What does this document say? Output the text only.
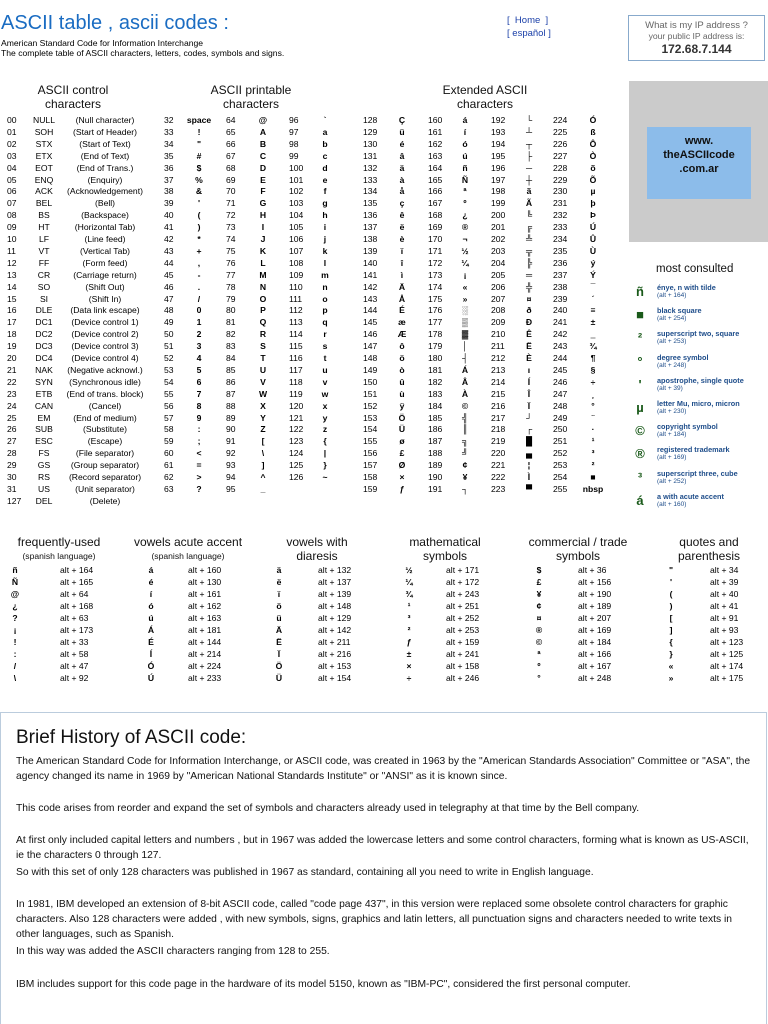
ASCII table , ascii codes :
American Standard Code for Information Interchange
The complete table of ASCII characters, letters, codes, symbols and signs.
[  Home  ]
[ español ]
What is my IP address ?
your public IP address is:
172.68.7.144
ASCII control
characters
ASCII printable
characters
Extended ASCII
characters
00	NULL	(Null character)
01	SOH	(Start of Header)
02	STX	(Start of Text)
03	ETX	(End of Text)
04	EOT	(End of Trans.)
05	ENQ	(Enquiry)
06	ACK	(Acknowledgement)
07	BEL	(Bell)
08	BS	(Backspace)
09	HT	(Horizontal Tab)
10	LF	(Line feed)
11	VT	(Vertical Tab)
12	FF	(Form feed)
13	CR	(Carriage return)
14	SO	(Shift Out)
15	SI	(Shift In)
16	DLE	(Data link escape)
17	DC1	(Device control 1)
18	DC2	(Device control 2)
19	DC3	(Device control 3)
20	DC4	(Device control 4)
21	NAK	(Negative acknowl.)
22	SYN	(Synchronous idle)
23	ETB	(End of trans. block)
24	CAN	(Cancel)
25	EM	(End of medium)
26	SUB	(Substitute)
27	ESC	(Escape)
28	FS	(File separator)
29	GS	(Group separator)
30	RS	(Record separator)
31	US	(Unit separator)
127	DEL	(Delete)
32 space
33	!
34	"
35	#
36	$
37	%
38	&
39	'
40	(
41	)
42	*
43	+
44	,
45	-
46	.
47	/
48	0
49	1
50	2
51	3
52	4
53	5
54	6
55	7
56	8
57	9
58	:
59	;
60	<
61	=
62	>
63	?
64	@
65	A
66	B
67	C
68	D
69	E
70	F
71	G
72	H
73	I
74	J
75	K
76	L
77	M
78	N
79	O
80	P
81	Q
82	R
83	S
84	T
85	U
86	V
87	W
88	X
89	Y
90	Z
91	[
92	\
93	]
94	^
95	_
96	`
97	a
98	b
99	c
100	d
101	e
102	f
103	g
104	h
105	i
106	j
107	k
108	l
109	m
110	n
111	o
112	p
113	q
114	r
115	s
116	t
117	u
118	v
119	w
120	x
121	y
122	z
123	{
124	|
125	}
126	~
128	Ç
129	ü
130	é
131	â
132	ä
133	à
134	å
135	ç
136	ê
137	ë
138	è
139	ï
140	î
141	ì
142	Ä
143	Å
144	É
145	æ
146	Æ
147	ô
148	ö
149	ò
150	û
151	ù
152	ÿ
153	Ö
154	Ü
155	ø
156	£
157	Ø
158	×
159	ƒ
160	á
161	í
162	ó
163	ú
164	ñ
165	Ñ
166	ª
167	º
168	¿
169	®
170	¬
171	½
172	¼
173	¡
174	«
175	»
176	░
177	▒
178	▓
179	│
180	┤
181	Á
182	Â
183	À
184	©
185	╣
186	║
187	╗
188	╝
189	¢
190	¥
191	┐
192	└
193	┴
194	┬
195	├
196	─
197	┼
198	ã
199	Ã
200	╚
201	╔
202	╩
203	╦
204	╠
205	═
206	╬
207	¤
208	ð
209	Ð
210	Ê
211	Ë
212	È
213	ı
214	Í
215	Î
216	Ï
217	┘
218	┌
219	█
220	▄
221	¦
222	Ì
223	▀
224	Ó
225	ß
226	Ô
227	Ò
228	õ
229	Õ
230	µ
231	þ
232	Þ
233	Ú
234	Û
235	Ù
236	ý
237	Ý
238	¯
239	´
240	≡
241	±
242	‗
243	¾
244	¶
245	§
246	÷
247	¸
248	°
249	¨
250	·
251	¹
252	³
253	²
254	■
255	nbsp
www.
theASCIIcode
.com.ar
most consulted
ñ	énye, n with tilde
(alt + 164)
■	black square
(alt + 254)
²	superscript two, square
(alt + 253)
°	degree symbol
(alt + 248)
'	apostrophe, single quote
(alt + 39)
µ	letter Mu, micro, micron
(alt + 230)
©	copyright symbol
(alt + 184)
®	registered trademark
(alt + 169)
³	superscript three, cube
(alt + 252)
á	a with acute accent
(alt + 160)
frequently-used
(spanish language)
ñ	alt + 164
Ñ	alt + 165
@	alt + 64
¿	alt + 168
?	alt + 63
¡	alt + 173
!	alt + 33
:	alt + 58
/	alt + 47
\	alt + 92
vowels acute accent
(spanish language)
á	alt + 160
é	alt + 130
í	alt + 161
ó	alt + 162
ú	alt + 163
Á	alt + 181
É	alt + 144
Í	alt + 214
Ó	alt + 224
Ú	alt + 233
vowels with
diaresis
ä	alt + 132
ë	alt + 137
ï	alt + 139
ö	alt + 148
ü	alt + 129
Ä	alt + 142
Ë	alt + 211
Ï	alt + 216
Ö	alt + 153
Ü	alt + 154
mathematical
symbols
½	alt + 171
¼	alt + 172
¾	alt + 243
¹	alt + 251
³	alt + 252
²	alt + 253
ƒ	alt + 159
±	alt + 241
×	alt + 158
÷	alt + 246
commercial / trade
symbols
$	alt + 36
£	alt + 156
¥	alt + 190
¢	alt + 189
¤	alt + 207
®	alt + 169
©	alt + 184
ª	alt + 166
º	alt + 167
°	alt + 248
quotes and
parenthesis
"	alt + 34
'	alt + 39
(	alt + 40
)	alt + 41
[	alt + 91
]	alt + 93
{	alt + 123
}	alt + 125
«	alt + 174
»	alt + 175
Brief History of ASCII code:
The American Standard Code for Information Interchange, or ASCII code, was created in 1963 by the "American Standards Association" Committee or "ASA", the agency changed its name in 1969 by "American National Standards Institute" or "ANSI" as it is known since.
This code arises from reorder and expand the set of symbols and characters already used in telegraphy at that time by the Bell company.
At first only included capital letters and numbers , but in 1967 was added the lowercase letters and some control characters, forming what is known as US-ASCII, ie the characters 0 through 127.
So with this set of only 128 characters was published in 1967 as standard, containing all you need to write in English language.
In 1981, IBM developed an extension of 8-bit ASCII code, called "code page 437", in this version were replaced some obsolete control characters for graphic characters. Also 128 characters were added , with new symbols, signs, graphics and latin letters, all punctuation signs and characters needed to write texts in other languages, such as Spanish.
In this way was added the ASCII characters ranging from 128 to 255.
IBM includes support for this code page in the hardware of its model 5150, known as "IBM-PC", considered the first personal computer.
